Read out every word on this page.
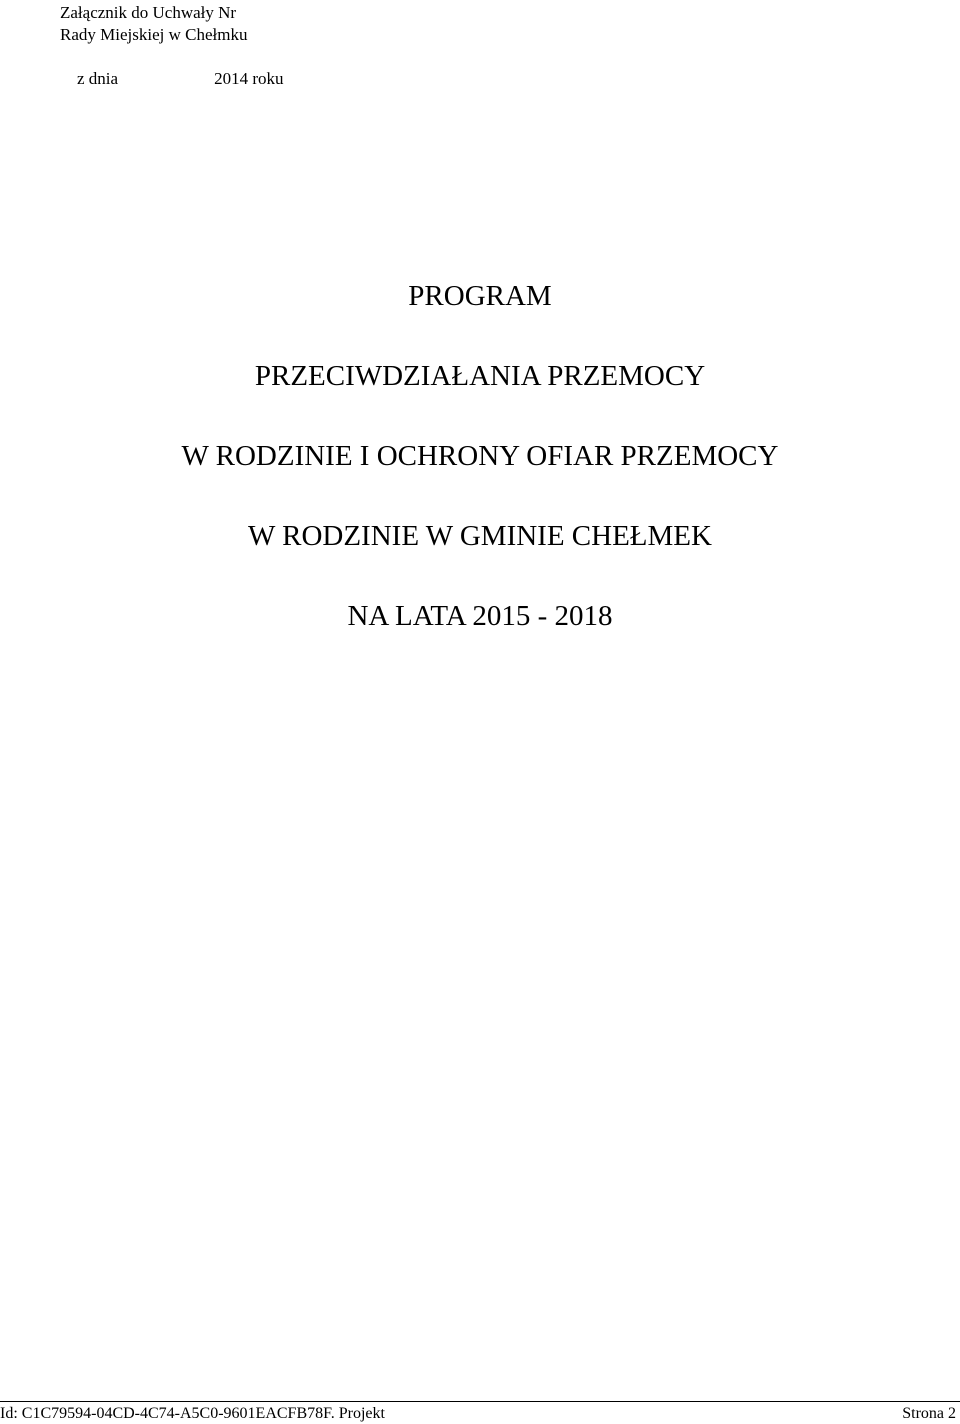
Załącznik do Uchwały Nr
Rady Miejskiej w Chełmku

z dnia	2014 roku

PROGRAM
PRZECIWDZIAŁANIA PRZEMOCY
W RODZINIE I OCHRONY OFIAR PRZEMOCY
W RODZINIE W GMINIE CHEŁMEK
NA LATA 2015 - 2018
Id: C1C79594-04CD-4C74-A5C0-9601EACFB78F. Projekt	Strona 2
